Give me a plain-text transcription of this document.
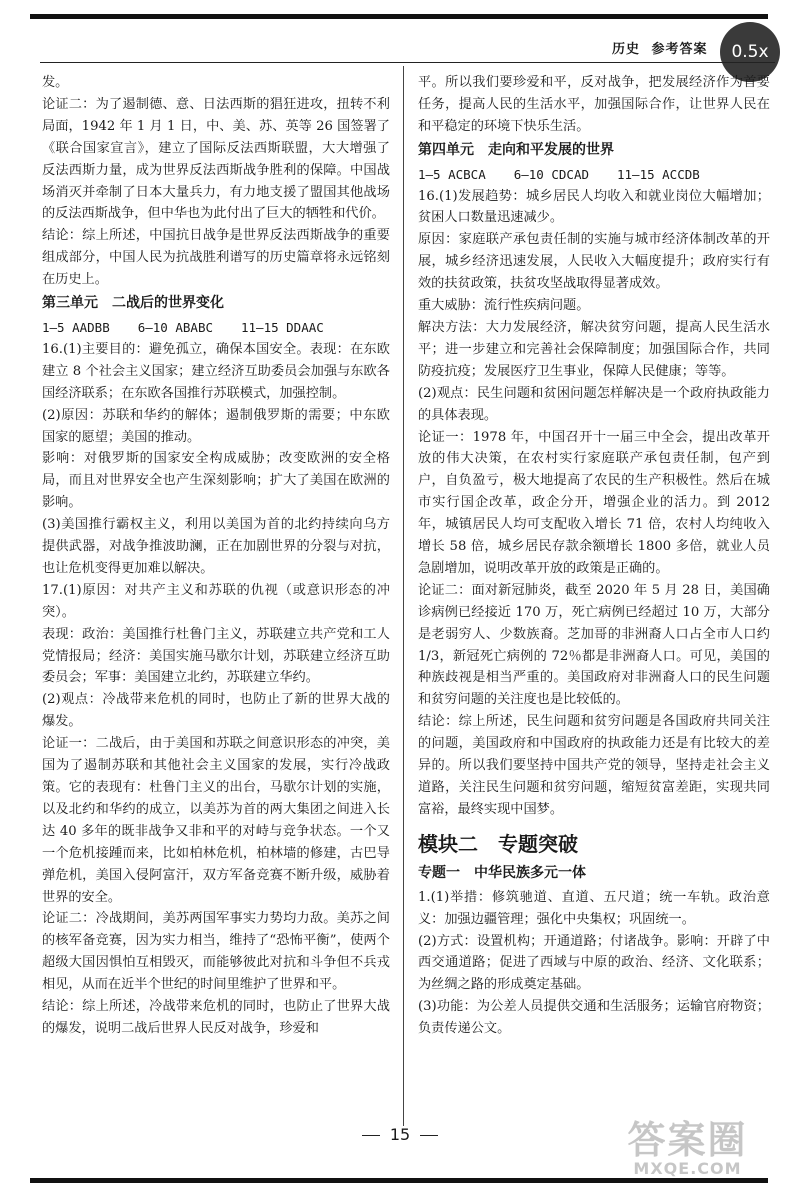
历史 参考答案	0.5x

发。

论证二：为了遏制德、意、日法西斯的猖狂进攻，扭转不利局面，1942 年 1 月 1 日，中、美、苏、英等 26 国签署了《联合国家宣言》，建立了国际反法西斯联盟，大大增强了反法西斯力量，成为世界反法西斯战争胜利的保障。中国战场消灭并牵制了日本大量兵力，有力地支援了盟国其他战场的反法西斯战争，但中华也为此付出了巨大的牺牲和代价。

结论：综上所述，中国抗日战争是世界反法西斯战争的重要组成部分，中国人民为抗战胜利谱写的历史篇章将永远铭刻在历史上。

第三单元　二战后的世界变化

1—5 AADBB 6—10 ABABC 11—15 DDAAC

16.(1)主要目的：避免孤立，确保本国安全。表现：在东欧建立 8 个社会主义国家；建立经济互助委员会加强与东欧各国经济联系；在东欧各国推行苏联模式，加强控制。

(2)原因：苏联和华约的解体；遏制俄罗斯的需要；中东欧国家的愿望；美国的推动。

影响：对俄罗斯的国家安全构成威胁；改变欧洲的安全格局，而且对世界安全也产生深刻影响；扩大了美国在欧洲的影响。

(3)美国推行霸权主义，利用以美国为首的北约持续向乌方提供武器，对战争推波助澜，正在加剧世界的分裂与对抗，也让危机变得更加难以解决。

17.(1)原因：对共产主义和苏联的仇视（或意识形态的冲突）。

表现：政治：美国推行杜鲁门主义，苏联建立共产党和工人党情报局；经济：美国实施马歇尔计划，苏联建立经济互助委员会；军事：美国建立北约，苏联建立华约。

(2)观点：冷战带来危机的同时，也防止了新的世界大战的爆发。

论证一：二战后，由于美国和苏联之间意识形态的冲突，美国为了遏制苏联和其他社会主义国家的发展，实行冷战政策。它的表现有：杜鲁门主义的出台，马歇尔计划的实施，以及北约和华约的成立，以美苏为首的两大集团之间进入长达 40 多年的既非战争又非和平的对峙与竞争状态。一个又一个危机接踵而来，比如柏林危机，柏林墙的修建，古巴导弹危机，美国入侵阿富汗，双方军备竞赛不断升级，威胁着世界的安全。

论证二：冷战期间，美苏两国军事实力势均力敌。美苏之间的核军备竞赛，因为实力相当，维持了“恐怖平衡”，使两个超级大国因惧怕互相毁灭，而能够彼此对抗和斗争但不兵戎相见，从而在近半个世纪的时间里维护了世界和平。

结论：综上所述，冷战带来危机的同时，也防止了世界大战的爆发，说明二战后世界人民反对战争，珍爱和

平。所以我们要珍爱和平，反对战争，把发展经济作为首要任务，提高人民的生活水平，加强国际合作，让世界人民在和平稳定的环境下快乐生活。

第四单元　走向和平发展的世界

1—5 ACBCA 6—10 CDCAD 11—15 ACCDB

16.(1)发展趋势：城乡居民人均收入和就业岗位大幅增加；贫困人口数量迅速减少。

原因：家庭联产承包责任制的实施与城市经济体制改革的开展，城乡经济迅速发展，人民收入大幅度提升；政府实行有效的扶贫政策，扶贫攻坚战取得显著成效。

重大威胁：流行性疾病问题。

解决方法：大力发展经济，解决贫穷问题，提高人民生活水平；进一步建立和完善社会保障制度；加强国际合作，共同防疫抗疫；发展医疗卫生事业，保障人民健康；等等。

(2)观点：民生问题和贫困问题怎样解决是一个政府执政能力的具体表现。

论证一：1978 年，中国召开十一届三中全会，提出改革开放的伟大决策，在农村实行家庭联产承包责任制，包产到户，自负盈亏，极大地提高了农民的生产积极性。然后在城市实行国企改革，政企分开，增强企业的活力。到 2012 年，城镇居民人均可支配收入增长 71 倍，农村人均纯收入增长 58 倍，城乡居民存款余额增长 1800 多倍，就业人员急剧增加，说明改革开放的政策是正确的。

论证二：面对新冠肺炎，截至 2020 年 5 月 28 日，美国确诊病例已经接近 170 万，死亡病例已经超过 10 万，大部分是老弱穷人、少数族裔。芝加哥的非洲裔人口占全市人口约 1/3，新冠死亡病例的 72％都是非洲裔人口。可见，美国的种族歧视是相当严重的。美国政府对非洲裔人口的民生问题和贫穷问题的关注度也是比较低的。

结论：综上所述，民生问题和贫穷问题是各国政府共同关注的问题，美国政府和中国政府的执政能力还是有比较大的差异的。所以我们要坚持中国共产党的领导，坚持走社会主义道路，关注民生问题和贫穷问题，缩短贫富差距，实现共同富裕，最终实现中国梦。

模块二　专题突破

专题一　中华民族多元一体

1.(1)举措：修筑驰道、直道、五尺道；统一车轨。政治意义：加强边疆管理；强化中央集权；巩固统一。

(2)方式：设置机构；开通道路；付诸战争。影响：开辟了中西交通道路；促进了西域与中原的政治、经济、文化联系；为丝绸之路的形成奠定基础。

(3)功能：为公差人员提供交通和生活服务；运输官府物资；负责传递公文。

15	答案圈
MXQE.COM
